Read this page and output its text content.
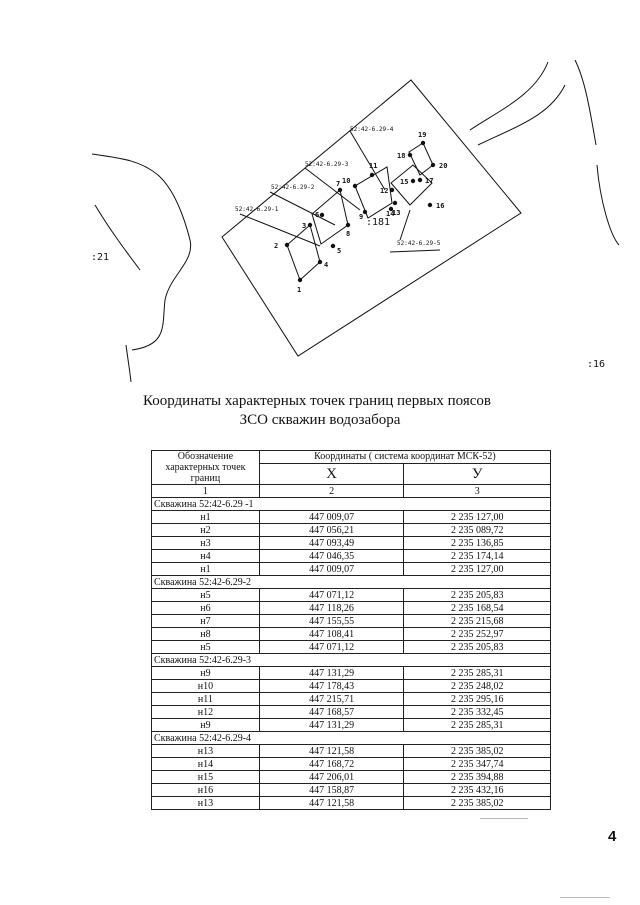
52:42-6.29-1
52:42-6.29-2
52:42-6.29-3
52:42-6.29-4
52:42-6.29-5
:21
:16
:181
1
2
3
4
5
6
7
8
9
10
11
12
13
14
15
16
17
18
19
20
Координаты характерных точек границ первых поясов
ЗСО скважин водозабора
Обозначение характерных точек границ	Координаты ( система координат МСК-52)	
	X	У
1	2	3
Скважина 52:42-6.29 -1		
н1	447 009,07	2 235 127,00
н2	447 056,21	2 235 089,72
н3	447 093,49	2 235 136,85
н4	447 046,35	2 235 174,14
н1	447 009,07	2 235 127,00
Скважина 52:42-6.29-2		
н5	447 071,12	2 235 205,83
н6	447 118,26	2 235 168,54
н7	447 155,55	2 235 215,68
н8	447 108,41	2 235 252,97
н5	447 071,12	2 235 205,83
Скважина 52:42-6.29-3		
н9	447 131,29	2 235 285,31
н10	447 178,43	2 235 248,02
н11	447 215,71	2 235 295,16
н12	447 168,57	2 235 332,45
н9	447 131,29	2 235 285,31
Скважина 52:42-6.29-4		
н13	447 121,58	2 235 385,02
н14	447 168,72	2 235 347,74
н15	447 206,01	2 235 394,88
н16	447 158,87	2 235 432,16
н13	447 121,58	2 235 385,02
4
